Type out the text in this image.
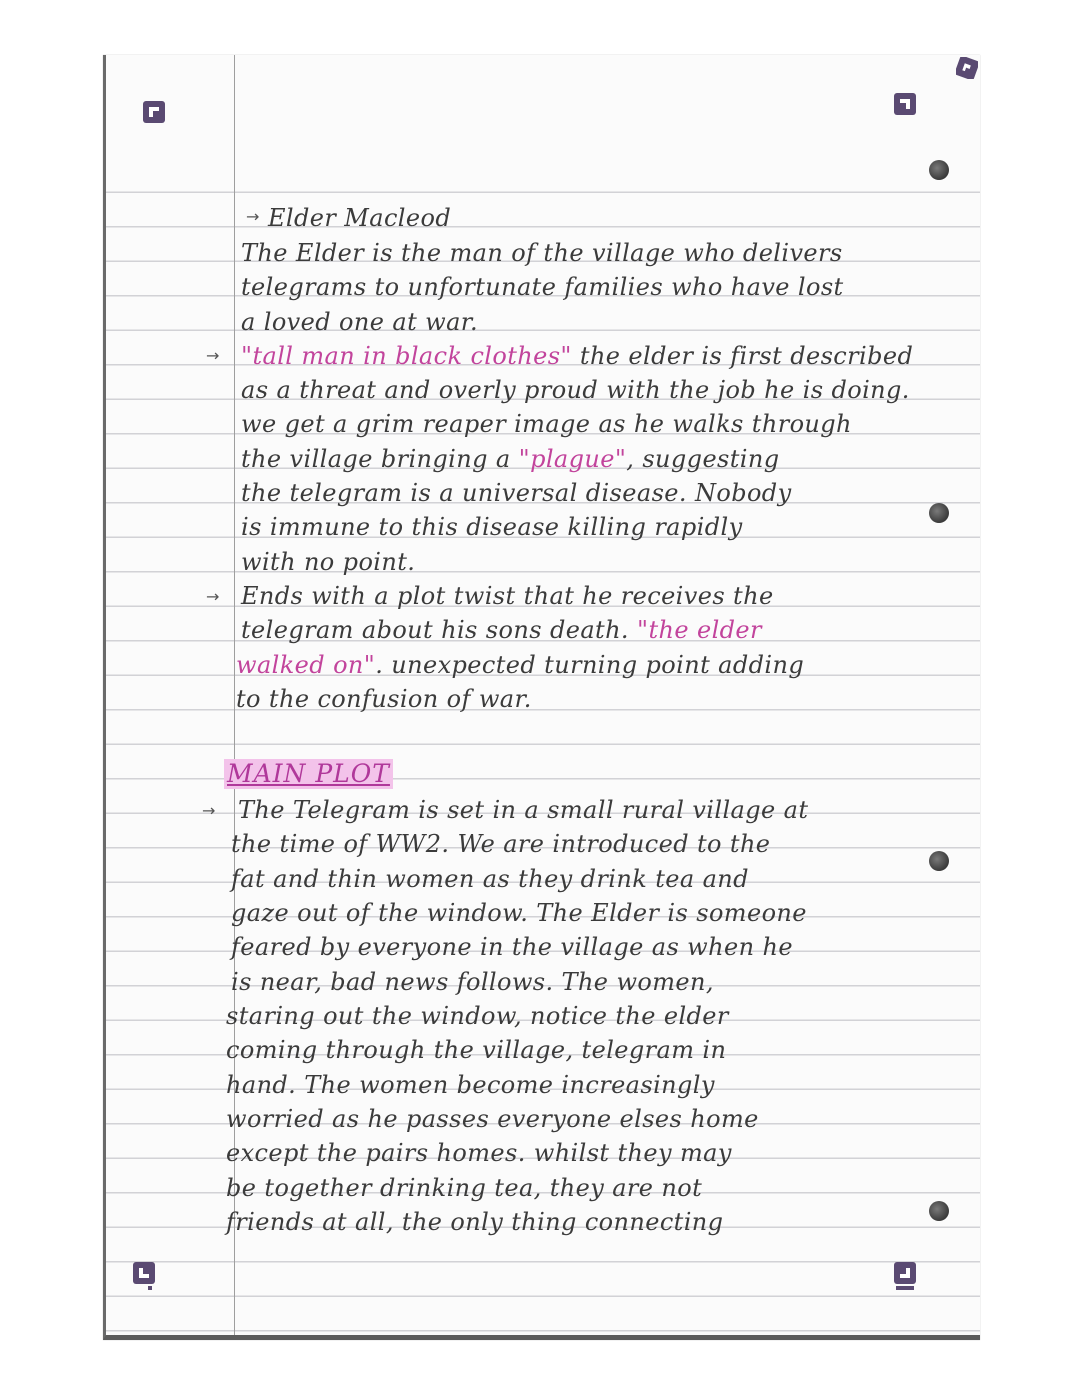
→ Elder Macleod
The Elder is the man of the village who delivers
telegrams to unfortunate families who have lost
a loved one at war.
→ "tall man in black clothes" the elder is first described
as a threat and overly proud with the job he is doing.
we get a grim reaper image as he walks through
the village bringing a "plague", suggesting
the telegram is a universal disease. Nobody
is immune to this disease killing rapidly
with no point.
→ Ends with a plot twist that he receives the
telegram about his sons death. "the elder
walked on". unexpected turning point adding
to the confusion of war.
MAIN PLOT
→ The Telegram is set in a small rural village at
the time of WW2. We are introduced to the
fat and thin women as they drink tea and
gaze out of the window. The Elder is someone
feared by everyone in the village as when he
is near, bad news follows. The women,
staring out the window, notice the elder
coming through the village, telegram in
hand. The women become increasingly
worried as he passes everyone elses home
except the pairs homes. whilst they may
be together drinking tea, they are not
friends at all, the only thing connecting
